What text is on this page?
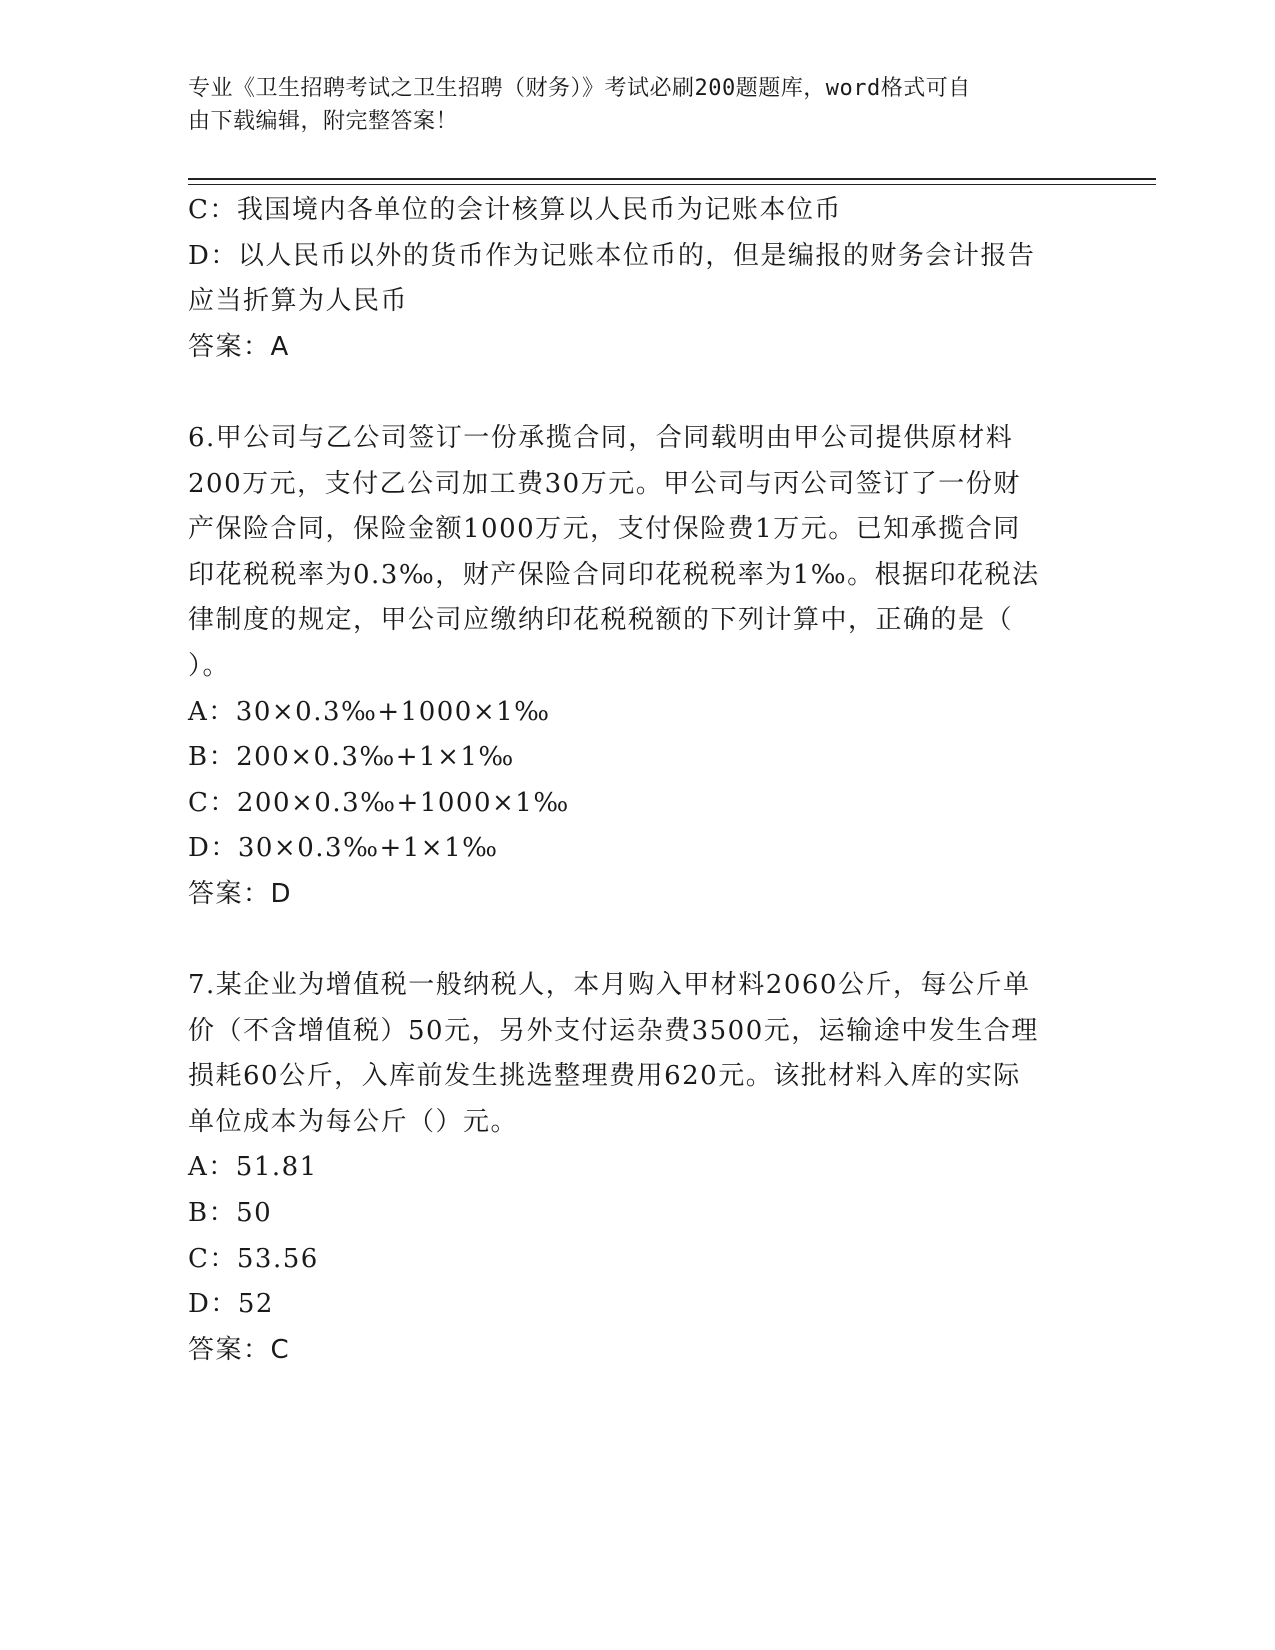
专业《卫生招聘考试之卫生招聘（财务）》考试必刷200题题库，word格式可自
由下载编辑，附完整答案！
C：我国境内各单位的会计核算以人民币为记账本位币
D：以人民币以外的货币作为记账本位币的，但是编报的财务会计报告
应当折算为人民币
答案：A
6.甲公司与乙公司签订一份承揽合同，合同载明由甲公司提供原材料
200万元，支付乙公司加工费30万元。甲公司与丙公司签订了一份财
产保险合同，保险金额1000万元，支付保险费1万元。已知承揽合同
印花税税率为0.3‰，财产保险合同印花税税率为1‰。根据印花税法
律制度的规定，甲公司应缴纳印花税税额的下列计算中，正确的是（
）。
A：30×0.3‰+1000×1‰
B：200×0.3‰+1×1‰
C：200×0.3‰+1000×1‰
D：30×0.3‰+1×1‰
答案：D
7.某企业为增值税一般纳税人，本月购入甲材料2060公斤，每公斤单
价（不含增值税）50元，另外支付运杂费3500元，运输途中发生合理
损耗60公斤，入库前发生挑选整理费用620元。该批材料入库的实际
单位成本为每公斤（）元。
A：51.81
B：50
C：53.56
D：52
答案：C
